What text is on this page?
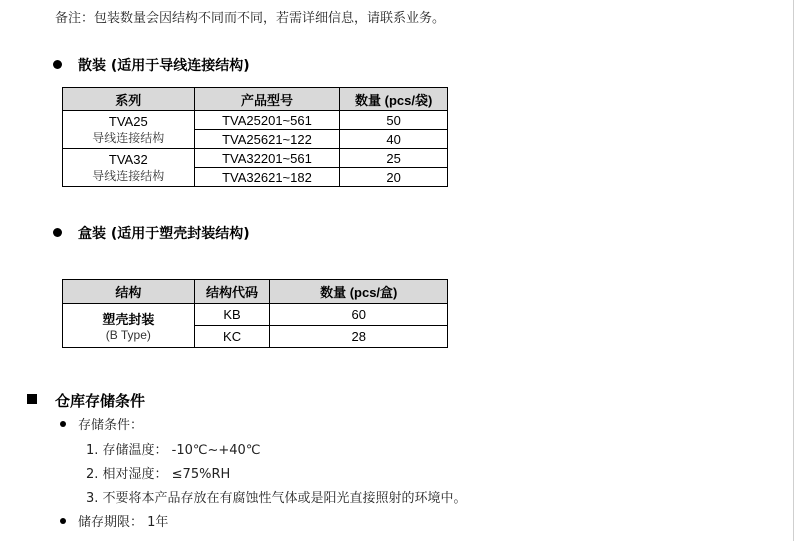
备注：包装数量会因结构不同而不同，若需详细信息，请联系业务。
散装 (适用于导线连接结构)
系列	产品型号	数量 (pcs/袋)

TVA25
导线连接结构	TVA25201~561	50
	TVA25621~122	40

TVA32
导线连接结构	TVA32201~561	25
	TVA32621~182	20
盒装 (适用于塑壳封装结构)
结构	结构代码	数量 (pcs/盒)

塑壳封装
(B Type)	KB	60
	KC	28
仓库存储条件
存储条件：
1. 存储温度： -10℃~+40℃
2. 相对湿度： ≤75%RH
3. 不要将本产品存放在有腐蚀性气体或是阳光直接照射的环境中。
储存期限： 1年
